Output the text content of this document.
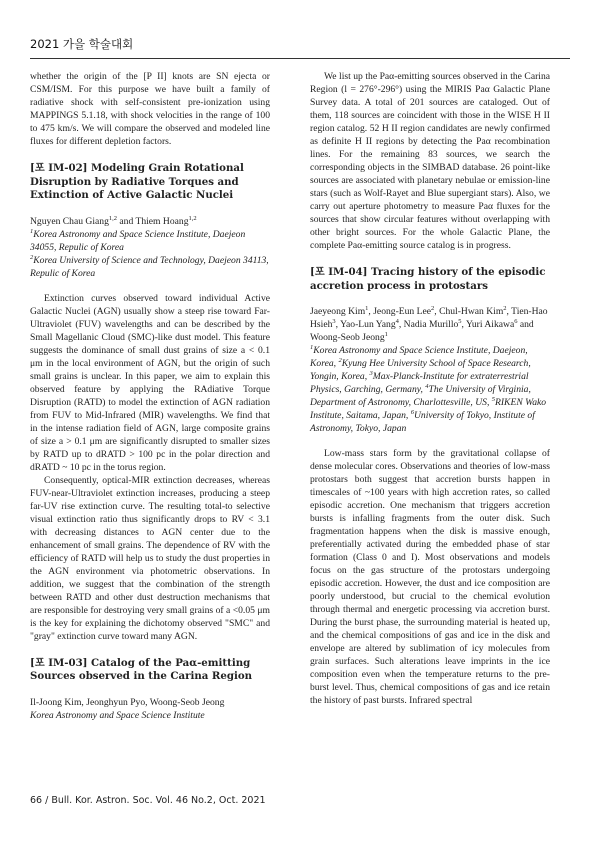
2021 가을 학술대회

whether the origin of the [P II] knots are SN ejecta or CSM/ISM. For this purpose we have built a family of radiative shock with self-consistent pre-ionization using MAPPINGS 5.1.18, with shock velocities in the range of 100 to 475 km/s. We will compare the observed and modeled line fluxes for different depletion factors.

[포 IM-02] Modeling Grain Rotational Disruption by Radiative Torques and Extinction of Active Galactic Nuclei

Nguyen Chau Giang$^{1,2}$ and Thiem Hoang$^{1,2}$

$^1$Korea Astronomy and Space Science Institute, Daejeon 34055, Repulic of Korea

$^2$Korea University of Science and Technology, Daejeon 34113, Repulic of Korea

Extinction curves observed toward individual Active Galactic Nuclei (AGN) usually show a steep rise toward Far-Ultraviolet (FUV) wavelengths and can be described by the Small Magellanic Cloud (SMC)-like dust model. This feature suggests the dominance of small dust grains of size a < 0.1 μm in the local environment of AGN, but the origin of such small grains is unclear. In this paper, we aim to explain this observed feature by applying the RAdiative Torque Disruption (RATD) to model the extinction of AGN radiation from FUV to Mid-Infrared (MIR) wavelengths. We find that in the intense radiation field of AGN, large composite grains of size a > 0.1 μm are significantly disrupted to smaller sizes by RATD up to dRATD > 100 pc in the polar direction and dRATD ~ 10 pc in the torus region.

Consequently, optical-MIR extinction decreases, whereas FUV-near-Ultraviolet extinction increases, producing a steep far-UV rise extinction curve. The resulting total-to selective visual extinction ratio thus significantly drops to RV < 3.1 with decreasing distances to AGN center due to the enhancement of small grains. The dependence of RV with the efficiency of RATD will help us to study the dust properties in the AGN environment via photometric observations. In addition, we suggest that the combination of the strength between RATD and other dust destruction mechanisms that are responsible for destroying very small grains of a <0.05 μm is the key for explaining the dichotomy observed "SMC" and "gray" extinction curve toward many AGN.

[포 IM-03] Catalog of the Paα-emitting Sources observed in the Carina Region

Il-Joong Kim, Jeonghyun Pyo, Woong-Seob Jeong

Korea Astronomy and Space Science Institute

We list up the Paα-emitting sources observed in the Carina Region (l = 276°-296°) using the MIRIS Paα Galactic Plane Survey data. A total of 201 sources are cataloged. Out of them, 118 sources are coincident with those in the WISE H II region catalog. 52 H II region candidates are newly confirmed as definite H II regions by detecting the Paα recombination lines. For the remaining 83 sources, we search the corresponding objects in the SIMBAD database. 26 point-like sources are associated with planetary nebulae or emission-line stars (such as Wolf-Rayet and Blue supergiant stars). Also, we carry out aperture photometry to measure Paα fluxes for the sources that show circular features without overlapping with other bright sources. For the whole Galactic Plane, the complete Paα-emitting source catalog is in progress.

[포 IM-04] Tracing history of the episodic accretion process in protostars

Jaeyeong Kim$^1$, Jeong-Eun Lee$^2$, Chul-Hwan Kim$^2$, Tien-Hao Hsieh$^3$, Yao-Lun Yang$^4$, Nadia Murillo$^5$, Yuri Aikawa$^6$ and Woong-Seob Jeong$^1$

$^1$Korea Astronomy and Space Science Institute, Daejeon, Korea, $^2$Kyung Hee University School of Space Research, Yongin, Korea, $^3$Max-Planck-Institute for extraterrestrial Physics, Garching, Germany, $^4$The University of Virginia, Department of Astronomy, Charlottesville, US, $^5$RIKEN Wako Institute, Saitama, Japan, $^6$University of Tokyo, Institute of Astronomy, Tokyo, Japan

Low-mass stars form by the gravitational collapse of dense molecular cores. Observations and theories of low-mass protostars both suggest that accretion bursts happen in timescales of ~100 years with high accretion rates, so called episodic accretion. One mechanism that triggers accretion bursts is infalling fragments from the outer disk. Such fragmentation happens when the disk is massive enough, preferentially activated during the embedded phase of star formation (Class 0 and I). Most observations and models focus on the gas structure of the protostars undergoing episodic accretion. However, the dust and ice composition are poorly understood, but crucial to the chemical evolution through thermal and energetic processing via accretion burst. During the burst phase, the surrounding material is heated up, and the chemical compositions of gas and ice in the disk and envelope are altered by sublimation of icy molecules from grain surfaces. Such alterations leave imprints in the ice composition even when the temperature returns to the pre-burst level. Thus, chemical compositions of gas and ice retain the history of past bursts. Infrared spectral

66 / Bull. Kor. Astron. Soc. Vol. 46 No.2, Oct. 2021
